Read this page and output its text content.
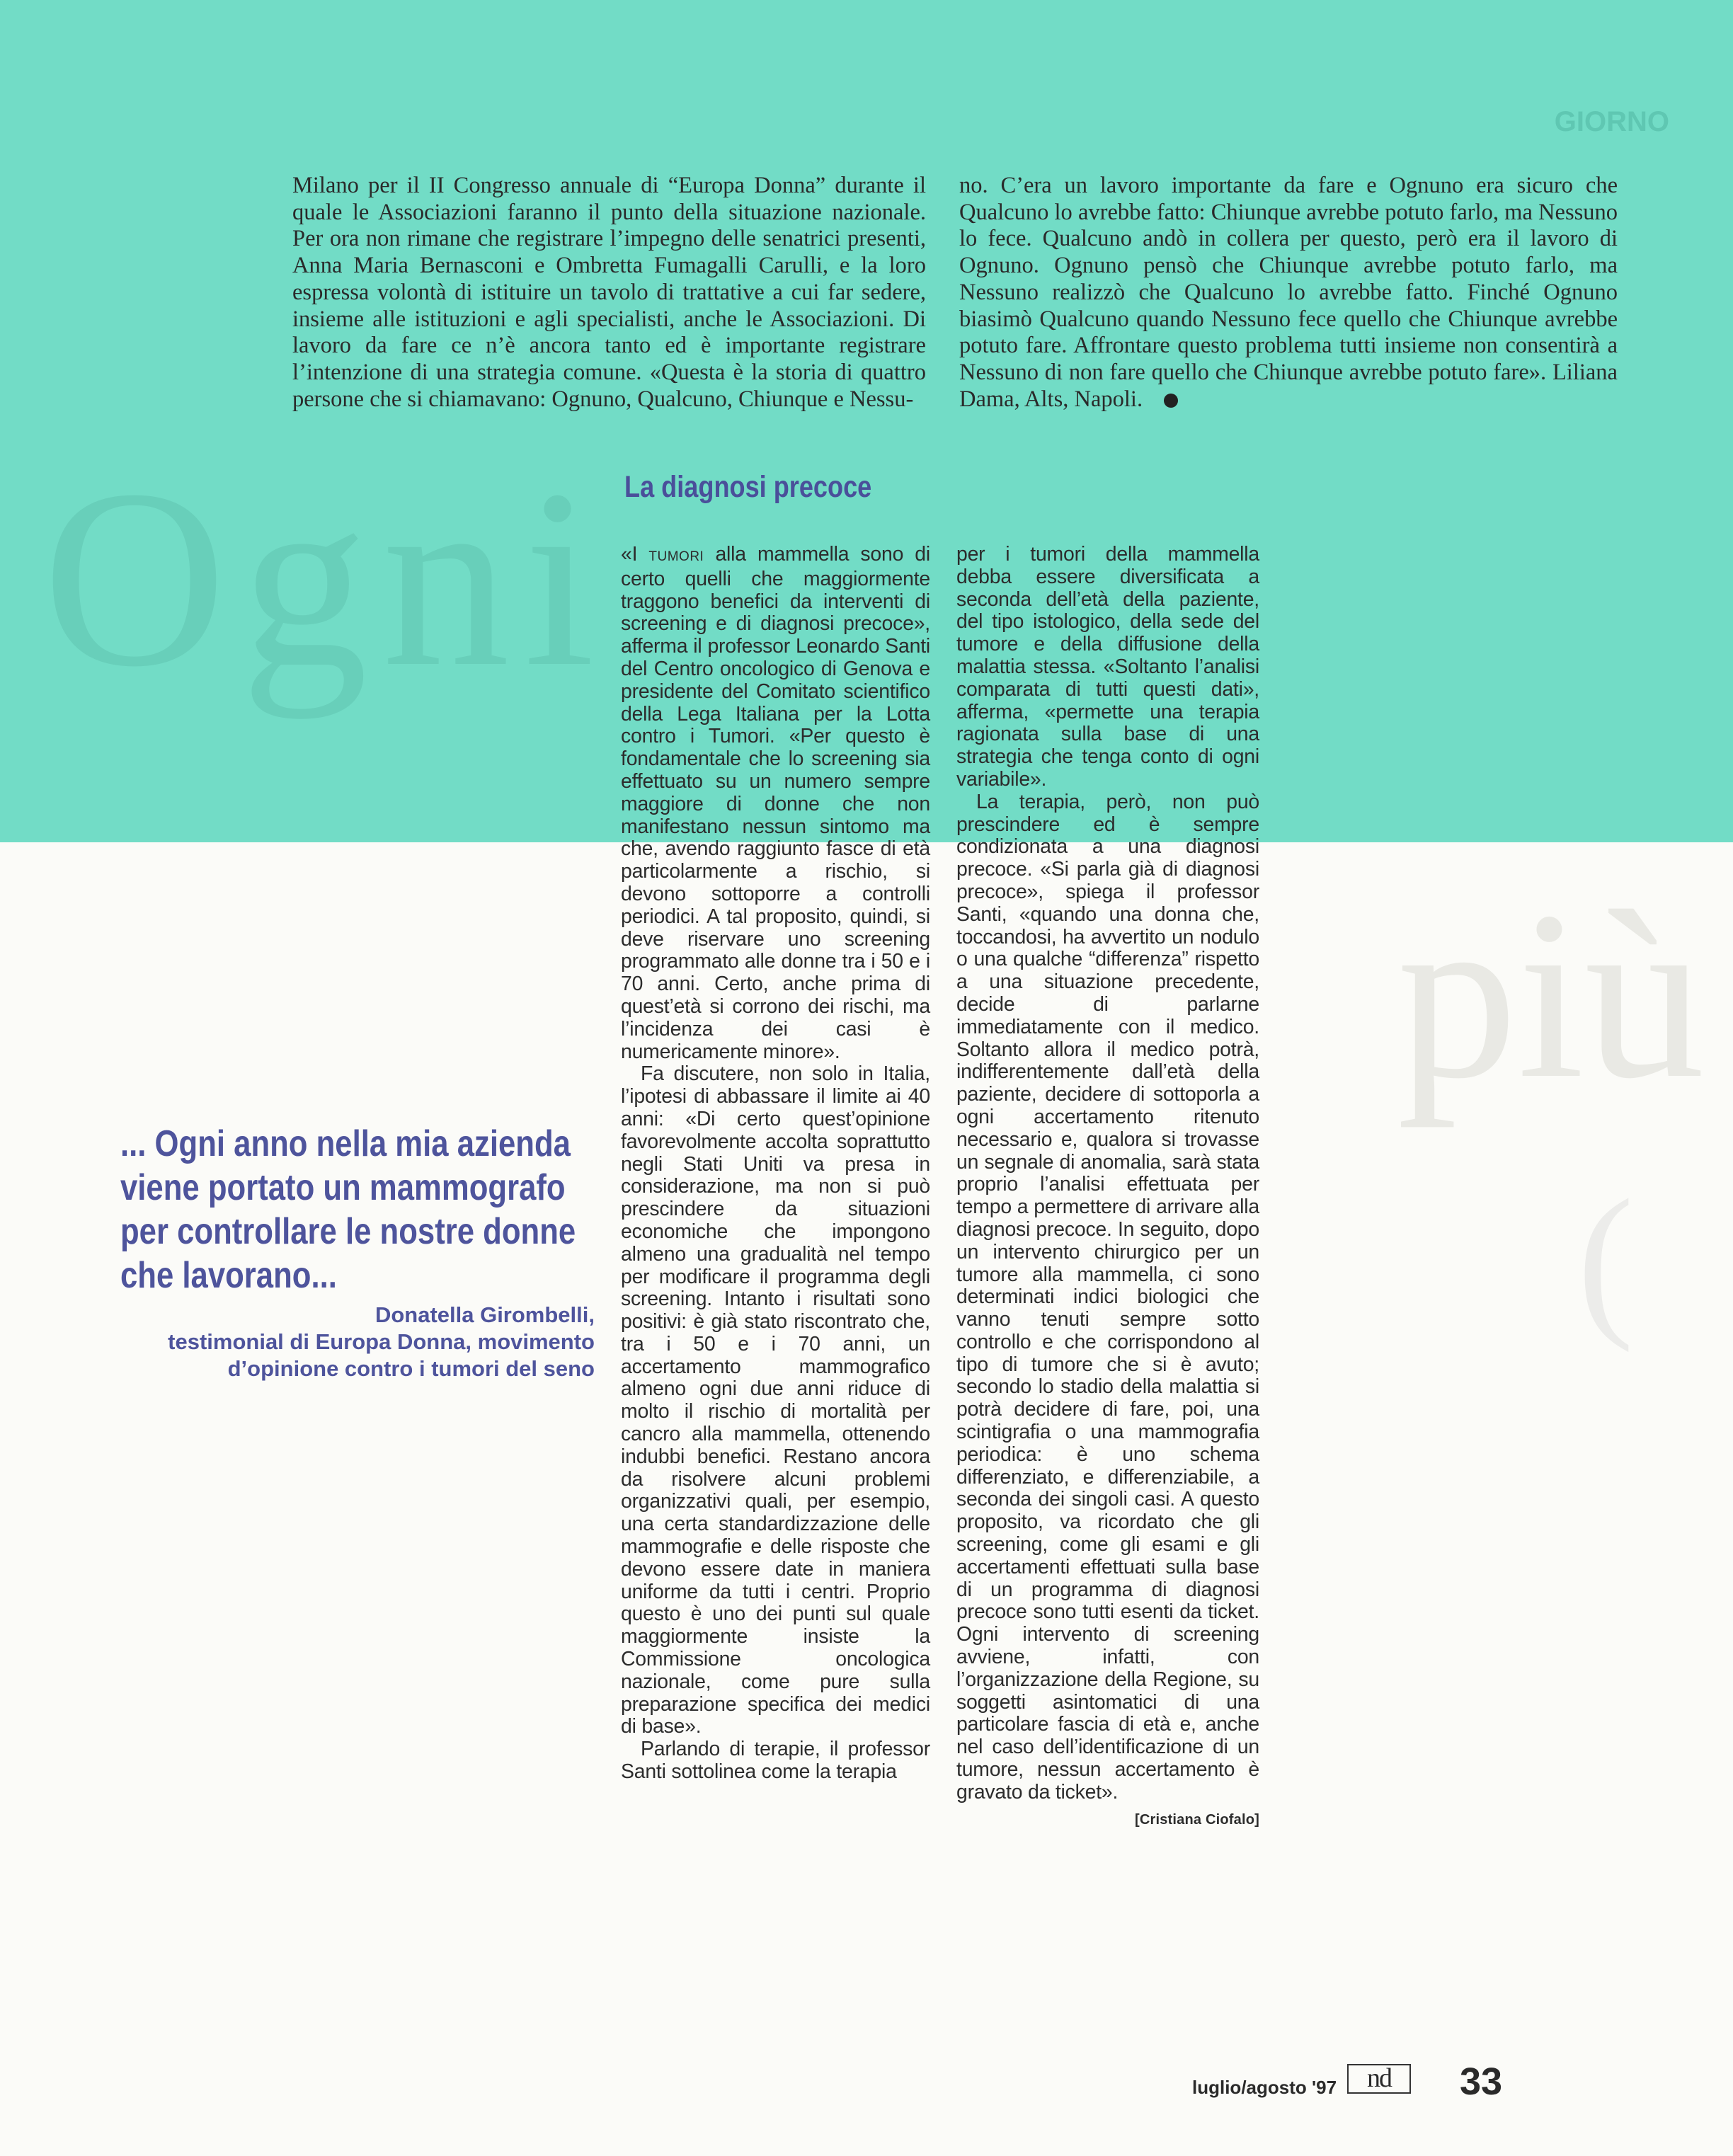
Ogni
GIORNO
più
(
Milano per il II Congresso annuale di “Europa Donna” durante il quale le Associazioni faranno il punto della situazione nazionale. Per ora non rimane che registrare l’impegno delle senatrici presenti, Anna Maria Bernasconi e Ombretta Fumagalli Carulli, e la loro espressa volontà di istituire un tavolo di trattative a cui far sedere, insieme alle istituzioni e agli specialisti, anche le Associazioni. Di lavoro da fare ce n’è ancora tanto ed è importante registrare l’intenzione di una strategia comune. «Questa è la storia di quattro persone che si chiamavano: Ognuno, Qualcuno, Chiunque e Nessu-
no. C’era un lavoro importante da fare e Ognuno era sicuro che Qualcuno lo avrebbe fatto: Chiunque avrebbe potuto farlo, ma Nessuno lo fece. Qualcuno andò in collera per questo, però era il lavoro di Ognuno. Ognuno pensò che Chiunque avrebbe potuto farlo, ma Nessuno realizzò che Qualcuno lo avrebbe fatto. Finché Ognuno biasimò Qualcuno quando Nessuno fece quello che Chiunque avrebbe potuto fare. Affrontare questo problema tutti insieme non consentirà a Nessuno di non fare quello che Chiunque avrebbe potuto fare». Liliana Dama, Alts, Napoli.
La diagnosi precoce

«I TUMORI alla mammella sono di certo quelli che maggiormente traggono benefici da interventi di screening e di diagnosi precoce», afferma il professor Leonardo Santi del Centro oncologico di Genova e presidente del Comitato scientifico della Lega Italiana per la Lotta contro i Tumori. «Per questo è fondamentale che lo screening sia effettuato su un numero sempre maggiore di donne che non manifestano nessun sintomo ma che, avendo raggiunto fasce di età particolarmente a rischio, si devono sottoporre a controlli periodici. A tal proposito, quindi, si deve riservare uno screening programmato alle donne tra i 50 e i 70 anni. Certo, anche prima di quest’età si corrono dei rischi, ma l’incidenza dei casi è numericamente minore».

Fa discutere, non solo in Italia, l’ipotesi di abbassare il limite ai 40 anni: «Di certo quest’opinione favorevolmente accolta soprattutto negli Stati Uniti va presa in considerazione, ma non si può prescindere da situazioni economiche che impongono almeno una gradualità nel tempo per modificare il programma degli screening. Intanto i risultati sono positivi: è già stato riscontrato che, tra i 50 e i 70 anni, un accertamento mammografico almeno ogni due anni riduce di molto il rischio di mortalità per cancro alla mammella, ottenendo indubbi benefici. Restano ancora da risolvere alcuni problemi organizzativi quali, per esempio, una certa standardizzazione delle mammografie e delle risposte che devono essere date in maniera uniforme da tutti i centri. Proprio questo è uno dei punti sul quale maggiormente insiste la Commissione oncologica nazionale, come pure sulla preparazione specifica dei medici di base».

Parlando di terapie, il professor Santi sottolinea come la terapia

per i tumori della mammella debba essere diversificata a seconda dell’età della paziente, del tipo istologico, della sede del tumore e della diffusione della malattia stessa. «Soltanto l’analisi comparata di tutti questi dati», afferma, «permette una terapia ragionata sulla base di una strategia che tenga conto di ogni variabile».

La terapia, però, non può prescindere ed è sempre condizionata a una diagnosi precoce. «Si parla già di diagnosi precoce», spiega il professor Santi, «quando una donna che, toccandosi, ha avvertito un nodulo o una qualche “differenza” rispetto a una situazione precedente, decide di parlarne immediatamente con il medico. Soltanto allora il medico potrà, indifferentemente dall’età della paziente, decidere di sottoporla a ogni accertamento ritenuto necessario e, qualora si trovasse un segnale di anomalia, sarà stata proprio l’analisi effettuata per tempo a permettere di arrivare alla diagnosi precoce. In seguito, dopo un intervento chirurgico per un tumore alla mammella, ci sono determinati indici biologici che vanno tenuti sempre sotto controllo e che corrispondono al tipo di tumore che si è avuto; secondo lo stadio della malattia si potrà decidere di fare, poi, una scintigrafia o una mammografia periodica: è uno schema differenziato, e differenziabile, a seconda dei singoli casi. A questo proposito, va ricordato che gli screening, come gli esami e gli accertamenti effettuati sulla base di un programma di diagnosi precoce sono tutti esenti da ticket. Ogni intervento di screening avviene, infatti, con l’organizzazione della Regione, su soggetti asintomatici di una particolare fascia di età e, anche nel caso dell’identificazione di un tumore, nessun accertamento è gravato da ticket».
[Cristiana Ciofalo]

... Ogni anno nella mia azienda viene portato un mammografo per controllare le nostre donne che lavorano...

Donatella Girombelli,
testimonial di Europa Donna, movimento d’opinione contro i tumori del seno
luglio/agosto '97	nd	33
